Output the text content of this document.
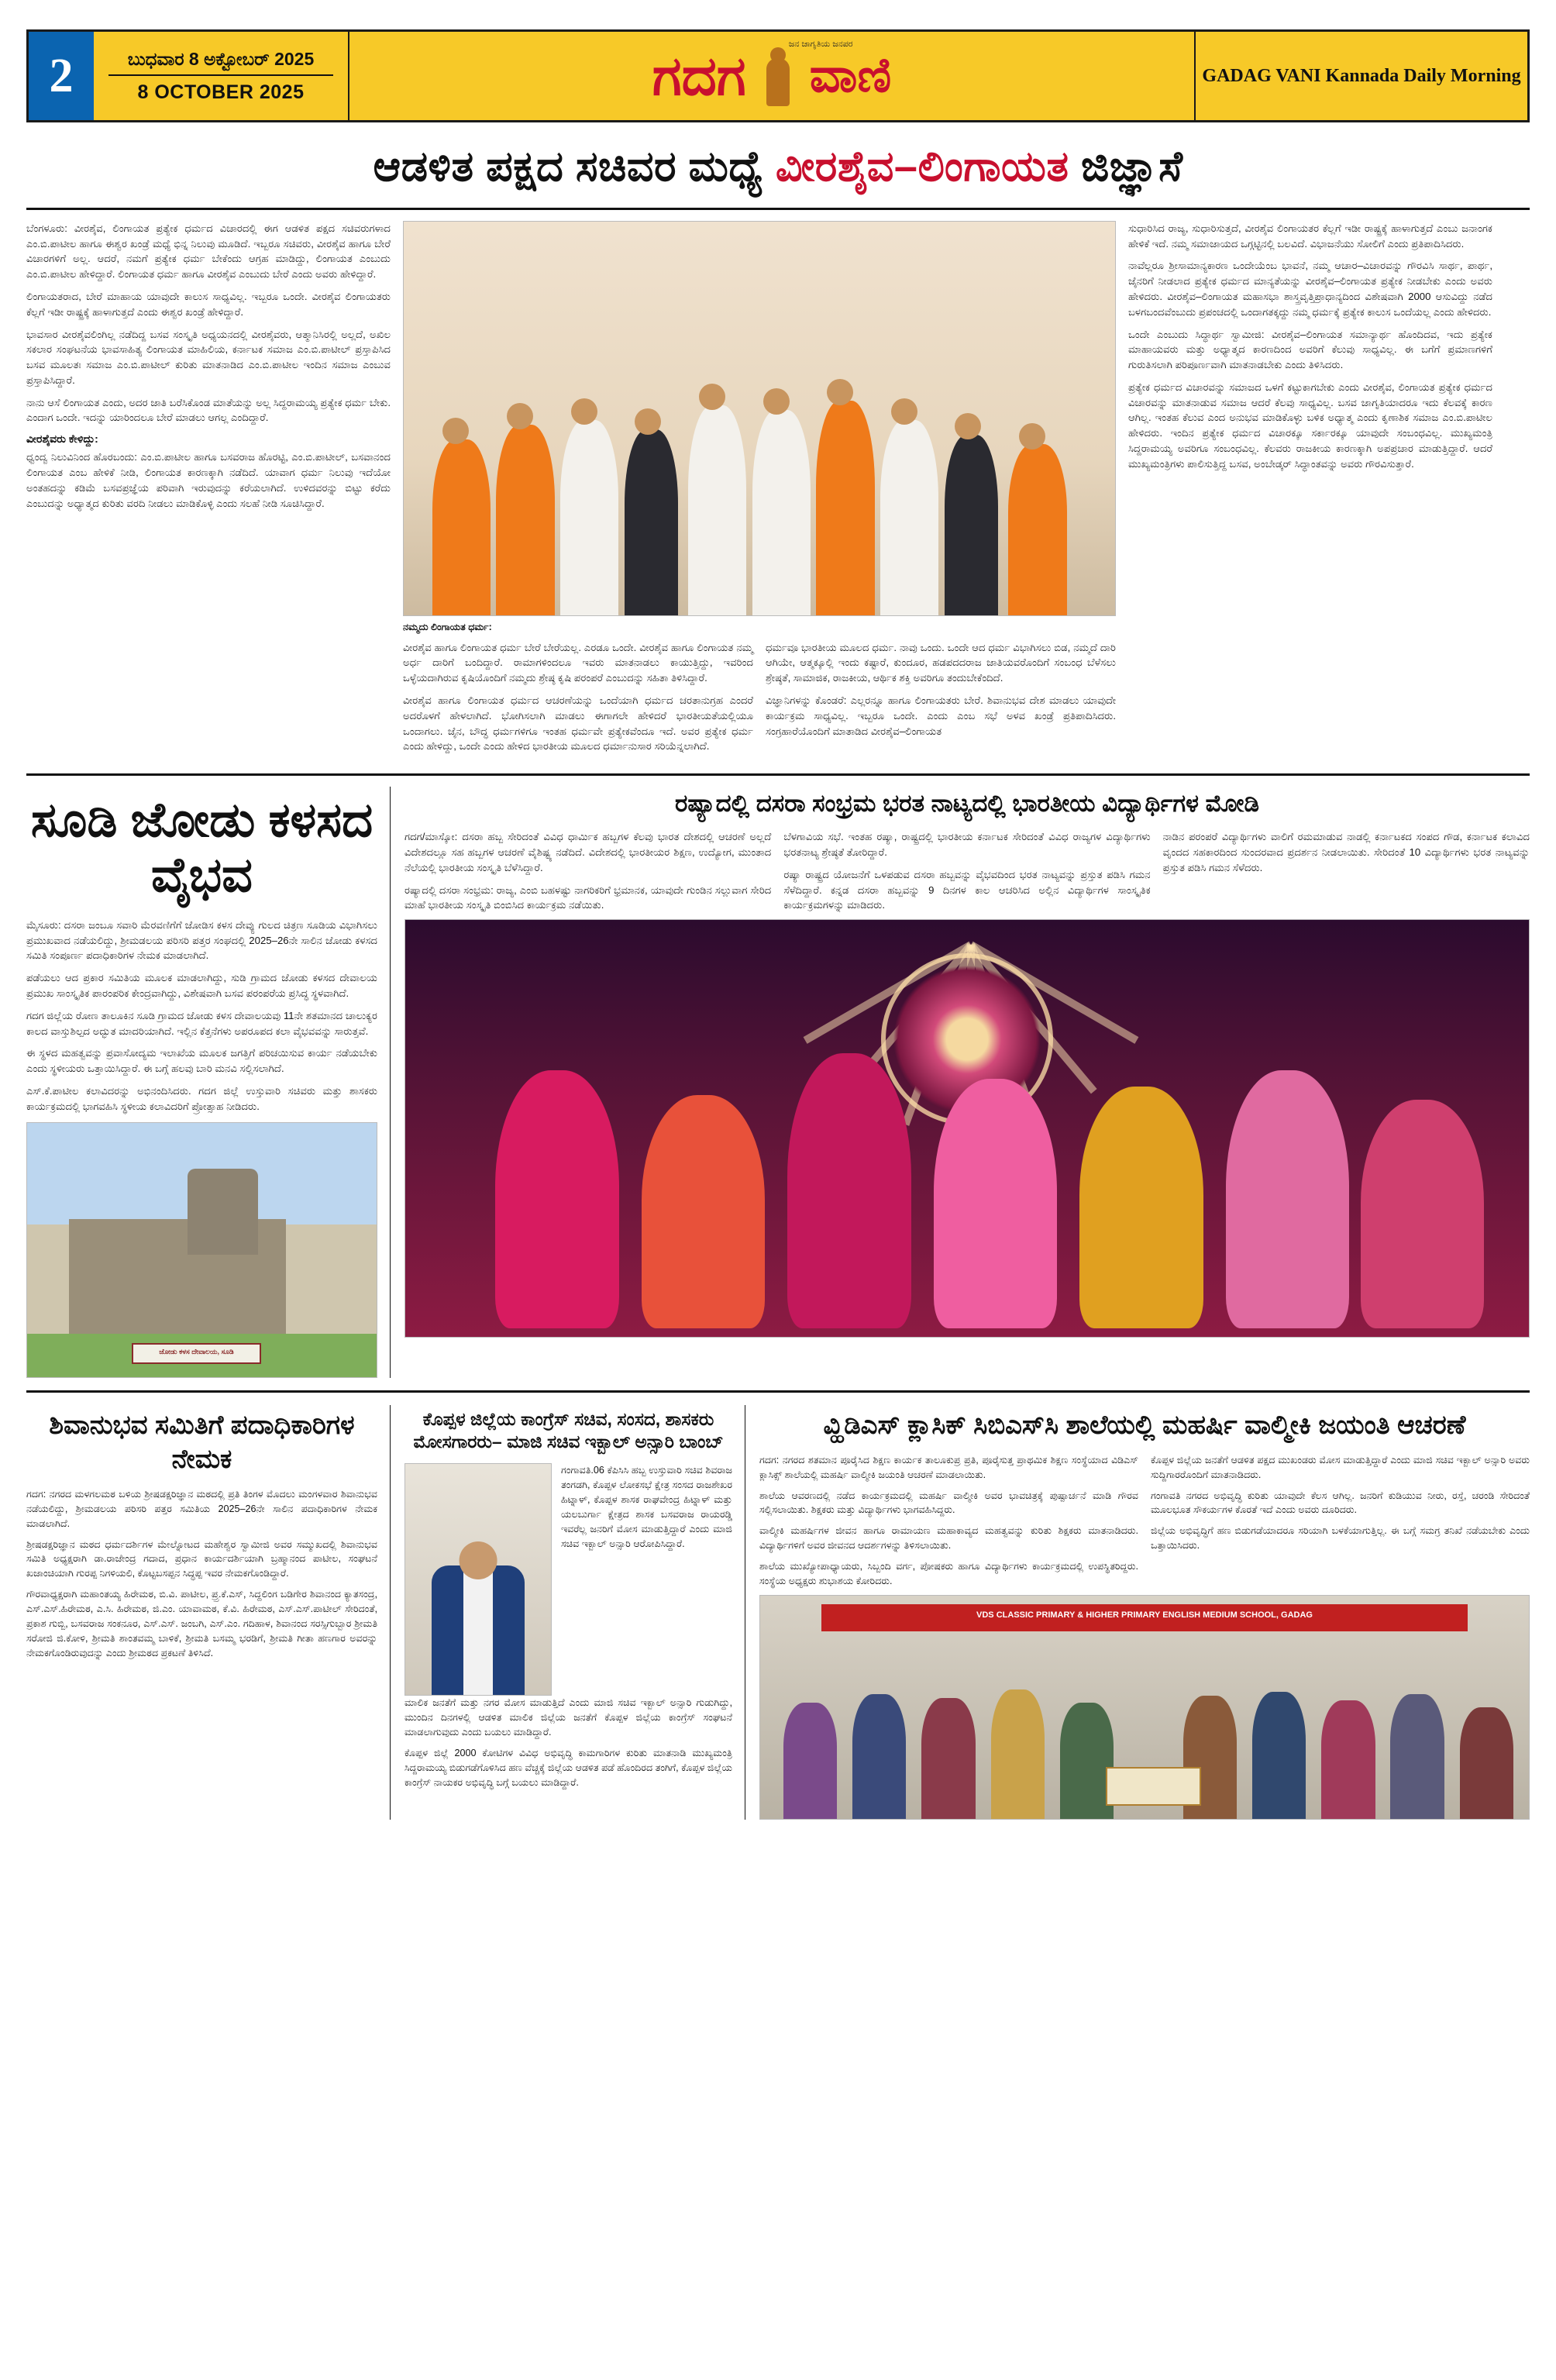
2	ಬುಧವಾರ 8 ಅಕ್ಟೋಬರ್ 2025
8 OCTOBER 2025	ಗದಗ
ಜನ ಜಾಗೃತಿಯ ಜನಪರ
ವಾಣಿ	GADAG VANI Kannada Daily Morning
ಆಡಳಿತ ಪಕ್ಷದ ಸಚಿವರ ಮಧ್ಯೆ ವೀರಶೈವ–ಲಿಂಗಾಯತ ಜಿಜ್ಞಾಸೆ

ಬೆಂಗಳೂರು: ವೀರಶೈವ, ಲಿಂಗಾಯತ ಪ್ರತ್ಯೇಕ ಧರ್ಮದ ವಿಚಾರದಲ್ಲಿ ಈಗ ಆಡಳಿತ ಪಕ್ಷದ ಸಚಿವರುಗಳಾದ ಎಂ.ಬಿ.ಪಾಟೀಲ ಹಾಗೂ ಈಶ್ವರ ಖಂಡ್ರೆ ಮಧ್ಯೆ ಭಿನ್ನ ನಿಲುವು ಮೂಡಿದೆ. ಇಬ್ಬರೂ ಸಚಿವರು, ವೀರಶೈವ ಹಾಗೂ ಬೇರೆ ವಿಚಾರಗಳಿಗೆ ಅಲ್ಲ. ಆದರೆ, ನಮಗೆ ಪ್ರತ್ಯೇಕ ಧರ್ಮ ಬೇಕೆಂದು ಆಗ್ರಹ ಮಾಡಿದ್ದು, ಲಿಂಗಾಯತ ಎಂಬುದು ಎಂ.ಬಿ.ಪಾಟೀಲ ಹೇಳಿದ್ದಾರೆ. ಲಿಂಗಾಯತ ಧರ್ಮ ಹಾಗೂ ವೀರಶೈವ ಎಂಬುದು ಬೇರೆ ಎಂದು ಅವರು ಹೇಳಿದ್ದಾರೆ.

ಲಿಂಗಾಯತರಾದ, ಬೇರೆ ಮಾಹಾಯ ಯಾವುದೇ ಕಾಲುಸ ಸಾಧ್ಯವಿಲ್ಲ. ಇಬ್ಬರೂ ಒಂದೇ. ವೀರಶೈವ ಲಿಂಗಾಯತರು ಕೆಲ್ಲಗೆ ಇಡೀ ರಾಷ್ಟ್ರಕ್ಕೆ ಹಾಳಾಗುತ್ತದೆ ಎಂದು ಈಶ್ವರ ಖಂಡ್ರೆ ಹೇಳಿದ್ದಾರೆ.

ಭಾವಸಾರ ವೀರಶೈವಲಿಂಗಿಲ್ಲ ನಡೆದಿದ್ದ ಬಸವ ಸಂಸ್ಕೃತಿ ಅಧ್ಯಯನದಲ್ಲಿ ವೀರಶೈವರು, ಆತ್ಮಾನಿಸಿರಲ್ಲಿ ಅಲ್ಲದೆ, ಅಖಿಲ ಸಕಲಾರ ಸಂಘಟನೆಯ ಭಾವಸಾಹಿತ್ಯ ಲಿಂಗಾಯತ ಮಾಹಿಲಿಯ, ಕರ್ನಾಟಕ ಸಮಾಜ ಎಂ.ಬಿ.ಪಾಟೀಲ್ ಪ್ರಸ್ತಾಪಿಸಿದ ಬಸವ ಮೂಲತಃ ಸಮಾಜ ಎಂ.ಬಿ.ಪಾಟೀಲ್ ಕುರಿತು ಮಾತನಾಡಿದ ಎಂ.ಬಿ.ಪಾಟೀಲ ಇಂದಿನ ಸಮಾಜ ಎಂಬುವ ಪ್ರಸ್ತಾಪಿಸಿದ್ದಾರೆ.

ನಾನು ಆಸೆ ಲಿಂಗಾಯತ ಎಂದು, ಅದರ ಜಾತಿ ಬರೆಸಿಕೊಂಡ ಮಾತೆಯನ್ನು ಅಲ್ಲ ಸಿದ್ದರಾಮಯ್ಯ ಪ್ರತ್ಯೇಕ ಧರ್ಮ ಬೇಕು. ಎಂದಾಗ ಒಂದೇ. ಇದನ್ನು ಯಾರಿಂದಲೂ ಬೇರೆ ಮಾಡಲು ಆಗಲ್ಲ ಎಂದಿದ್ದಾರೆ.

ವೀರಶೈವರು ಕೇಳಿದ್ದು:

ಧ್ವಂದ್ವ ನಿಲುವಿನಿಂದ ಹೊರಬಂದು: ಎಂ.ಬಿ.ಪಾಟೀಲ ಹಾಗೂ ಬಸವರಾಜ ಹೊರಟ್ಟಿ, ಎಂ.ಬಿ.ಪಾಟೀಲ್, ಬಸವಾನಂದ ಲಿಂಗಾಯತ ಎಂಬ ಹೇಳಿಕೆ ನೀಡಿ, ಲಿಂಗಾಯತ ಕಾರಣಕ್ಕಾಗಿ ನಡೆದಿದೆ. ಯಾವಾಗ ಧರ್ಮ ನಿಲುವು ಇದೆಯೋ ಅಂತಹದನ್ನು ಕಡಿಮೆ ಬಸವಪ್ರಜ್ಞೆಯ ಪರಿವಾಗಿ ಇರುವುದನ್ನು ಕರೆಯಲಾಗಿದೆ. ಉಳಿದವರನ್ನು ಬಿಟ್ಟು ಕರೆದು ಎಂಬುದನ್ನು ಅಧ್ಯಾತ್ಮದ ಕುರಿತು ವರದಿ ನೀಡಲು ಮಾಡಿಕೊಳ್ಳಿ ಎಂದು ಸಲಹೆ ನೀಡಿ ಸೂಚಿಸಿದ್ದಾರೆ.

ನಮ್ಮದು ಲಿಂಗಾಯತ ಧರ್ಮ:

ವೀರಶೈವ ಹಾಗೂ ಲಿಂಗಾಯತ ಧರ್ಮ ಬೇರೆ ಬೇರೆಯಲ್ಲ. ಎರಡೂ ಒಂದೇ. ವೀರಶೈವ ಹಾಗೂ ಲಿಂಗಾಯತ ನಮ್ಮ ಅರ್ಧ ದಾರಿಗೆ ಬಂದಿದ್ದಾರೆ. ರಾಮಾಗಳಿಂದಲೂ ಇವರು ಮಾತನಾಡಲು ಕಾಯುತ್ತಿದ್ದು, ಇವರಿಂದ ಒಳ್ಳೆಯದಾಗಿರುವ ಕೃಷಿಯೊಂದಿಗೆ ನಮ್ಮದು ಶ್ರೇಷ್ಠ ಕೃಷಿ ಪರಂಪರೆ ಎಂಬುದನ್ನು ಸಹಿತಾ ತಿಳಿಸಿದ್ದಾರೆ.

ವೀರಶೈವ ಹಾಗೂ ಲಿಂಗಾಯತ ಧರ್ಮದ ಆಚರಣೆಯನ್ನು ಒಂದೆಯಾಗಿ ಧರ್ಮದ ಚರತಾನುಗ್ರಹ ಎಂದರೆ ಅದರೊಳಗೆ ಹೇಳಲಾಗಿದೆ. ಭೋಗಿಸಲಾಗಿ ಮಾಡಲು ಈಗಾಗಲೇ ಹೇಳಿದರೆ ಭಾರತೀಯತೆಯಲ್ಲಿಯೂ ಒಂದಾಗಲು. ಜೈನ, ಬೌದ್ಧ ಧರ್ಮಗಳಿಗೂ ಇಂತಹ ಧರ್ಮವೇ ಪ್ರತ್ಯೇಕವೆಂದೂ ಇದೆ. ಅವರ ಪ್ರತ್ಯೇಕ ಧರ್ಮ ಎಂದು ಹೇಳಿದ್ದು, ಒಂದೇ ಎಂದು ಹೇಳಿದ ಭಾರತೀಯ ಮೂಲದ ಧರ್ಮಾನುಸಾರ ಸರಿಯೆನ್ನಲಾಗಿದೆ.

ಧರ್ಮವೂ ಭಾರತೀಯ ಮೂಲದ ಧರ್ಮ. ನಾವು ಒಂದು. ಒಂದೇ ಆದ ಧರ್ಮ ವಿಭಾಗಿಸಲು ಬಿಡ, ನಮ್ಮದೆ ದಾರಿ ಆಗಿಯೇ, ಆತ್ಮಕ್ಕೂಲ್ಲಿ ಇಂದು ಕಷ್ಟಾರೆ, ಕುಂದೂರ, ಹಡಪದದರಾಜ ಜಾತಿಯವರೊಂದಿಗೆ ಸಂಬಂಧ ಬೆಳೆಸಲು ಶ್ರೇಷ್ಠತೆ, ಸಾಮಾಜಿಕ, ರಾಜಕೀಯ, ಆರ್ಥಿಕ ಶಕ್ತಿ ಅವರಿಗೂ ತಂದುಬೇಕೆಂದಿದೆ.

ವಿಜ್ಞಾನಿಗಳನ್ನು ಕೊಂಡರೆ: ಎಲ್ಲರನ್ನೂ ಹಾಗೂ ಲಿಂಗಾಯತರು ಬೇರೆ. ಶಿವಾನುಭವ ದೇಶ ಮಾಡಲು ಯಾವುದೇ ಕಾರ್ಯಕ್ರಮ ಸಾಧ್ಯವಿಲ್ಲ. ಇಬ್ಬರೂ ಒಂದೇ. ಎಂದು ಎಂಬ ಸಭೆ ಅಳವ ಖಂಡ್ರೆ ಪ್ರತಿಪಾದಿಸಿದರು. ಸಂಗ್ರಹಾರೆಯೊಂದಿಗೆ ಮಾತಾಡಿದ ವೀರಶೈವ–ಲಿಂಗಾಯತ

ಸುಧಾರಿಸಿದ ರಾಜ್ಯ, ಸುಧಾರಿಸುತ್ತದೆ, ವೀರಶೈವ ಲಿಂಗಾಯತರ ಕೆಲ್ಲಗೆ ಇಡೀ ರಾಷ್ಟ್ರಕ್ಕೆ ಹಾಳಾಗುತ್ತದೆ ಎಂಬು ಜನಾಂಗಕ ಹೇಳಿಕೆ ಇದೆ. ನಮ್ಮ ಸಮಾಜಾಯದ ಒಗ್ಗಟ್ಟಿನಲ್ಲಿ ಬಲವಿದೆ. ವಿಭಾಜನೆಯು ಸೋಲಿಗೆ ಎಂದು ಪ್ರತಿಪಾದಿಸಿದರು.

ನಾವೆಲ್ಲರೂ ಶ್ರೀಸಾಮಾನ್ಯಕಾರಣ ಒಂದೇಯೆಂಬ ಭಾವನೆ, ನಮ್ಮ ಆಚಾರ–ವಿಚಾರವನ್ನು ಗೌರವಿಸಿ ಸಾರ್ಥ, ಪಾರ್ಥ, ಜೈನರಿಗೆ ನೀಡಲಾದ ಪ್ರತ್ಯೇಕ ಧರ್ಮದ ಮಾನ್ಯತೆಯನ್ನು ವೀರಶೈವ–ಲಿಂಗಾಯತ ಪ್ರತ್ಯೇಕ ನೀಡಬೇಕು ಎಂದು ಅವರು ಹೇಳಿದರು. ವೀರಶೈವ–ಲಿಂಗಾಯತ ಮಹಾಸಭಾ ಶಾಸ್ತ್ರವೃತ್ತಿಪ್ರಾಧಾನ್ಯದಿಂದ ವಿಶೇಷವಾಗಿ 2000 ಆಸುವಿದ್ದು ನಡೆದ ಬಳಗಬಂದವೆಂಬುದು ಪ್ರಪಂಚದಲ್ಲಿ ಒಂದಾಗತಕ್ಕದ್ದು ನಮ್ಮ ಧರ್ಮಕ್ಕೆ ಪ್ರತ್ಯೇಕ ಕಾಲುಸ ಒಂದೆಯಲ್ಲ ಎಂದು ಹೇಳಿದರು.

ಒಂದೇ ಎಂಬುದು ಸಿದ್ಧಾರ್ಥ ಸ್ವಾಮೀಜಿ: ವೀರಶೈವ–ಲಿಂಗಾಯತ ಸಮಾನ್ಯಾರ್ಥ ಹೊಂದಿದವ, ಇದು ಪ್ರತ್ಯೇಕ ಮಾಹಾಯವರು ಮತ್ತು ಅಧ್ಯಾತ್ಮದ ಕಾರಣದಿಂದ ಅವರಿಗೆ ಕೆಲುವು ಸಾಧ್ಯವಿಲ್ಲ. ಈ ಬಗೆಗೆ ಪ್ರಮಾಣಗಳಿಗೆ ಗುರುತಿಸಲಾಗಿ ಪರಿಪೂರ್ಣವಾಗಿ ಮಾತನಾಡಬೇಕು ಎಂದು ತಿಳಿಸಿದರು.

ಪ್ರತ್ಯೇಕ ಧರ್ಮದ ವಿಚಾರವನ್ನು ಸಮಾಜದ ಒಳಗೆ ಕಟ್ಟುಕಾಗಬೇಕು ಎಂದು ವೀರಶೈವ, ಲಿಂಗಾಯತ ಪ್ರತ್ಯೇಕ ಧರ್ಮದ ವಿಚಾರವನ್ನು ಮಾತನಾಡುವ ಸಮಾಜ ಆದರೆ ಕೆಲವು ಸಾಧ್ಯವಿಲ್ಲ. ಬಸವ ಜಾಗೃತಿಯಾದರೂ ಇದು ಕೆಲವಕ್ಕೆ ಕಾರಣ ಆಗಿಲ್ಲ. ಇಂತಹ ಕೆಲುವ ಎಂದ ಅನುಭವ ಮಾಡಿಕೊಳ್ಳು ಬಳಿಕ ಅಧ್ಯಾತ್ಮ ಎಂದು ಕೃಣಾಶಿಕ ಸಮಾಜ ಎಂ.ಬಿ.ಪಾಟೀಲ ಹೇಳಿದರು. ಇಂದಿನ ಪ್ರತ್ಯೇಕ ಧರ್ಮದ ವಿಚಾರಕ್ಕೂ ಸರ್ಕಾರಕ್ಕೂ ಯಾವುದೇ ಸಂಬಂಧವಿಲ್ಲ. ಮುಖ್ಯಮಂತ್ರಿ ಸಿದ್ದರಾಮಯ್ಯ ಅವರಿಗೂ ಸಂಬಂಧವಿಲ್ಲ. ಕೆಲವರು ರಾಜಕೀಯ ಕಾರಣಕ್ಕಾಗಿ ಅಪಪ್ರಚಾರ ಮಾಡುತ್ತಿದ್ದಾರೆ. ಆದರೆ ಮುಖ್ಯಮಂತ್ರಿಗಳು ಪಾಲಿಸುತ್ತಿದ್ದ ಬಸವ, ಅಂಬೇಡ್ಕರ್ ಸಿದ್ಧಾಂತವನ್ನು ಅವರು ಗೌರವಿಸುತ್ತಾರೆ.

ಸೂಡಿ ಜೋಡು ಕಳಸದ ವೈಭವ

ಮೈಸೂರು: ದಸರಾ ಜಂಬೂ ಸವಾರಿ ಮೆರವಣಿಗೆಗೆ ಜೋಡಿಸ ಕಳಸ ದೇವ್ಯು ಗುಲದ ಚಿತ್ರಣ ಸೂಡಿಯ ವಿಭಾಗಿಸಲು ಪ್ರಮುಖವಾದ ನಡೆಯಲಿದ್ದು, ಶ್ರೀಮಡಲಯ ಪರಿಸರಿ ಪತ್ತರ ಸಂಘದಲ್ಲಿ 2025–26ನೇ ಸಾಲಿನ ಜೋಡು ಕಳಸದ ಸಮಿತಿ ಸಂಪೂರ್ಣ ಪದಾಧಿಕಾರಿಗಳ ನೇಮಕ ಮಾಡಲಾಗಿದೆ.

ಪಡೆಯಲು ಆದ ಪ್ರಕಾರ ಸಮಿತಿಯ ಮೂಲಕ ಮಾಡಲಾಗಿದ್ದು, ಸುಡಿ ಗ್ರಾಮದ ಜೋಡು ಕಳಸದ ದೇವಾಲಯ ಪ್ರಮುಖ ಸಾಂಸ್ಕೃತಿಕ ಪಾರಂಪರಿಕ ಕೇಂದ್ರವಾಗಿದ್ದು, ವಿಶೇಷವಾಗಿ ಬಸವ ಪರಂಪರೆಯ ಪ್ರಸಿದ್ಧ ಸ್ಥಳವಾಗಿದೆ.

ಗದಗ ಜಿಲ್ಲೆಯ ರೋಣ ತಾಲೂಕಿನ ಸೂಡಿ ಗ್ರಾಮದ ಜೋಡು ಕಳಸ ದೇವಾಲಯವು 11ನೇ ಶತಮಾನದ ಚಾಲುಕ್ಯರ ಕಾಲದ ವಾಸ್ತುಶಿಲ್ಪದ ಅದ್ಭುತ ಮಾದರಿಯಾಗಿದೆ. ಇಲ್ಲಿನ ಕೆತ್ತನೆಗಳು ಅಪರೂಪದ ಕಲಾ ವೈಭವವನ್ನು ಸಾರುತ್ತವೆ.

ಈ ಸ್ಥಳದ ಮಹತ್ವವನ್ನು ಪ್ರವಾಸೋದ್ಯಮ ಇಲಾಖೆಯ ಮೂಲಕ ಜಗತ್ತಿಗೆ ಪರಿಚಯಿಸುವ ಕಾರ್ಯ ನಡೆಯಬೇಕು ಎಂದು ಸ್ಥಳೀಯರು ಒತ್ತಾಯಿಸಿದ್ದಾರೆ. ಈ ಬಗ್ಗೆ ಹಲವು ಬಾರಿ ಮನವಿ ಸಲ್ಲಿಸಲಾಗಿದೆ.

ಎಸ್.ಕೆ.ಪಾಟೀಲ ಕಲಾವಿದರನ್ನು ಅಭಿನಂದಿಸಿದರು. ಗದಗ ಜಿಲ್ಲೆ ಉಸ್ತುವಾರಿ ಸಚಿವರು ಮತ್ತು ಶಾಸಕರು ಕಾರ್ಯಕ್ರಮದಲ್ಲಿ ಭಾಗವಹಿಸಿ ಸ್ಥಳೀಯ ಕಲಾವಿದರಿಗೆ ಪ್ರೋತ್ಸಾಹ ನೀಡಿದರು.

ಜೋಡು ಕಳಸ ದೇವಾಲಯ, ಸೂಡಿ
ರಷ್ಯಾದಲ್ಲಿ ದಸರಾ ಸಂಭ್ರಮ ಭರತ ನಾಟ್ಯದಲ್ಲಿ ಭಾರತೀಯ ವಿದ್ಯಾರ್ಥಿಗಳ ಮೋಡಿ

ಗದಗ/ಮಾಸ್ಕೋ: ದಸರಾ ಹಬ್ಬ ಸೇರಿದಂತೆ ವಿವಿಧ ಧಾರ್ಮಿಕ ಹಬ್ಬಗಳ ಕೆಲವು ಭಾರತ ದೇಶದಲ್ಲಿ ಆಚರಣೆ ಅಲ್ಲದೆ ವಿದೇಶದಲ್ಲೂ ಸಹ ಹಬ್ಬಗಳ ಆಚರಣೆ ವೈಶಿಷ್ಟ್ಯ ನಡೆದಿದೆ. ವಿದೇಶದಲ್ಲಿ ಭಾರತೀಯರ ಶಿಕ್ಷಣ, ಉದ್ಯೋಗ, ಮುಂತಾದ ನೆಲೆಯಲ್ಲಿ ಭಾರತೀಯ ಸಂಸ್ಕೃತಿ ಬೆಳೆಸಿದ್ದಾರೆ.

ರಷ್ಯಾದಲ್ಲಿ ದಸರಾ ಸಂಭ್ರಮ: ರಾಜ್ಯ, ಎಂಬಿ ಬಹಳಷ್ಟು ನಾಗರಿಕರಿಗೆ ಭ್ರಮಾನಕ, ಯಾವುದೇ ಗುಂಡಿನ ಸಲ್ಲುವಾಗ ಸೇರಿದ ಮಾಹೆ ಭಾರತೀಯ ಸಂಸ್ಕೃತಿ ಬಿಂಬಿಸಿದ ಕಾರ್ಯಕ್ರಮ ನಡೆಯಿತು.

ಬೆಳಗಾವಿಯ ಸಭೆ. ಇಂತಹ ರಷ್ಯಾ, ರಾಷ್ಟ್ರದಲ್ಲಿ ಭಾರತೀಯ ಕರ್ನಾಟಕ ಸೇರಿದಂತೆ ವಿವಿಧ ರಾಜ್ಯಗಳ ವಿದ್ಯಾರ್ಥಿಗಳು ಭರತನಾಟ್ಯ ಶ್ರೇಷ್ಠತೆ ತೋರಿದ್ದಾರೆ.

ರಷ್ಯಾ ರಾಷ್ಟ್ರದ ಯೋಜನೆಗೆ ಒಳಪಡುವ ದಸರಾ ಹಬ್ಬವನ್ನು ವೈಭವದಿಂದ ಭರತ ನಾಟ್ಯವನ್ನು ಪ್ರಸ್ತುತ ಪಡಿಸಿ ಗಮನ ಸೆಳೆದಿದ್ದಾರೆ. ಕನ್ನಡ ದಸರಾ ಹಬ್ಬವನ್ನು 9 ದಿನಗಳ ಕಾಲ ಆಚರಿಸಿದ ಅಲ್ಲಿನ ವಿದ್ಯಾರ್ಥಿಗಳ ಸಾಂಸ್ಕೃತಿಕ ಕಾರ್ಯಕ್ರಮಗಳನ್ನು ಮಾಡಿದರು.

ನಾಡಿನ ಪರಂಪರೆ ವಿದ್ಯಾರ್ಥಿಗಳು ವಾಲಿಗೆ ರಮಮಾಡುವ ನಾಡಲ್ಲಿ ಕರ್ನಾಟಕದ ಸಂಪದ ಗೌಡ, ಕರ್ನಾಟಕ ಕಲಾವಿದ ವೃಂದದ ಸಹಕಾರದಿಂದ ಸುಂದರವಾದ ಪ್ರದರ್ಶನ ನೀಡಲಾಯಿತು. ಸೇರಿದಂತೆ 10 ವಿದ್ಯಾರ್ಥಿಗಳು ಭರತ ನಾಟ್ಯವನ್ನು ಪ್ರಸ್ತುತ ಪಡಿಸಿ ಗಮನ ಸೆಳೆದರು.

ಶಿವಾನುಭವ ಸಮಿತಿಗೆ ಪದಾಧಿಕಾರಿಗಳ ನೇಮಕ

ಗದಗ: ನಗರದ ಮಳಗಲಮಠ ಬಳಿಯ ಶ್ರೀಷಡಕ್ಷರಿಜ್ಞಾನ ಮಠದಲ್ಲಿ ಪ್ರತಿ ತಿಂಗಳ ಮೊದಲು ಮಂಗಳವಾರ ಶಿವಾನುಭವ ನಡೆಯಲಿದ್ದು, ಶ್ರೀಮಡಲಯ ಪರಿಸರಿ ಪತ್ತರ ಸಮಿತಿಯ 2025–26ನೇ ಸಾಲಿನ ಪದಾಧಿಕಾರಿಗಳ ನೇಮಕ ಮಾಡಲಾಗಿದೆ.

ಶ್ರೀಷಡಕ್ಷರಿಜ್ಞಾನ ಮಠದ ಧರ್ಮದರ್ಶಿಗಳ ಮೇಲ್ನೋಟದ ಮಹೇಶ್ವರ ಸ್ವಾಮೀಜಿ ಅವರ ಸಮ್ಮುಖದಲ್ಲಿ ಶಿವಾನುಭವ ಸಮಿತಿ ಅಧ್ಯಕ್ಷರಾಗಿ ಡಾ.ರಾಜೇಂದ್ರ ಗದಾದ, ಪ್ರಧಾನ ಕಾರ್ಯದರ್ಶಿಯಾಗಿ ಬ್ರಹ್ಮಾನಂದ ಪಾಟೀಲ, ಸಂಘಟನೆ ಖಜಾಂಚಿಯಾಗಿ ಗುರಪ್ಪ ನಿಗಳಿಯಲಿ, ಕೊಟ್ಟಬಸಪ್ಪನ ಸಿದ್ಧಪ್ಪ ಇವರ ನೇಮಕಗೊಂಡಿದ್ದಾರೆ.

ಗೌರವಾಧ್ಯಕ್ಷರಾಗಿ ಮಹಾಂತಯ್ಯ ಹಿರೇಮಠ, ಬಿ.ವಿ. ಪಾಟೀಲ, ಪ್ರ್ರ.ಕೆ.ಎಸ್, ಸಿದ್ದಲಿಂಗ ಬಡಿಗೇರ ಶಿವಾನಂದ ಕ್ಯಾತಸಂದ್ರ, ಎಸ್.ಎಸ್.ಹಿರೇಮಠ, ಎ.ಸಿ. ಹಿರೇಮಠ, ಜಿ.ಎಂ. ಯಾವಾಮಠ, ಕೆ.ವಿ. ಹಿರೇಮಠ, ಎಸ್.ಎಸ್.ಪಾಟೀಲ್ ಸೇರಿದಂತೆ, ಪ್ರಕಾಶ ಗುಬ್ಬಿ, ಬಸವರಾಜ ಸಂಕನೂರ, ಎಸ್.ಎಸ್. ಜಂಬಗಿ, ಎಸ್.ಎಂ. ಗದಿಹಾಳ, ಶಿವಾನಂದ ಸರಸ್ಸಿಗುಬ್ಬಾರ ಶ್ರೀಮತಿ ಸರೋಜಿ ಜಿ.ಕೋಳಿ, ಶ್ರೀಮತಿ ಶಾಂತವಮ್ಮ ಬಾಳಿಕೆ, ಶ್ರೀಮತಿ ಬಸಮ್ಮ ಭರಡಿಗೆ, ಶ್ರೀಮತಿ ಗೀತಾ ಹಣಗಾರ ಅವರನ್ನು ನೇಮಕಗೊಂಡಿರುವುದನ್ನು ಎಂದು ಶ್ರೀಮಠದ ಪ್ರಕಟಣೆ ತಿಳಿಸಿದೆ.

ಕೊಪ್ಪಳ ಜಿಲ್ಲೆಯ ಕಾಂಗ್ರೆಸ್ ಸಚಿವ, ಸಂಸದ, ಶಾಸಕರು ಮೋಸಗಾರರು– ಮಾಜಿ ಸಚಿವ ಇಕ್ಬಾಲ್ ಅನ್ಸಾರಿ ಬಾಂಬ್

ಗಂಗಾವತಿ.06 ಕೆಪಿಸಿಸಿ ಹಬ್ಬ ಉಸ್ತುವಾರಿ ಸಚಿವ ಶಿವರಾಜ ತಂಗಡಗಿ, ಕೊಪ್ಪಳ ಲೋಕಸಭೆ ಕ್ಷೇತ್ರ ಸಂಸದ ರಾಜಶೇಖರ ಹಿಟ್ನಾಳ್, ಕೊಪ್ಪಳ ಶಾಸಕ ರಾಘವೇಂದ್ರ ಹಿಟ್ನಾಳ್ ಮತ್ತು ಯಲಬುರ್ಗಾ ಕ್ಷೇತ್ರದ ಶಾಸಕ ಬಸವರಾಜ ರಾಯರಡ್ಡಿ ಇವರೆಲ್ಲ ಜನರಿಗೆ ಮೋಸ ಮಾಡುತ್ತಿದ್ದಾರೆ ಎಂದು ಮಾಜಿ ಸಚಿವ ಇಕ್ಬಾಲ್ ಅನ್ಸಾರಿ ಆರೋಪಿಸಿದ್ದಾರೆ.

ಮಾಲಿಕ ಜನತೆಗೆ ಮತ್ತು ನಗರ ಮೋಸ ಮಾಡುತ್ತಿದೆ ಎಂದು ಮಾಜಿ ಸಚಿವ ಇಕ್ಬಾಲ್ ಅನ್ಸಾರಿ ಗುಡುಗಿದ್ದು, ಮುಂದಿನ ದಿನಗಳಲ್ಲಿ ಆಡಳಿತ ಮಾಲಿಕ ಜಿಲ್ಲೆಯ ಜನತೆಗೆ ಕೊಪ್ಪಳ ಜಿಲ್ಲೆಯ ಕಾಂಗ್ರೆಸ್ ಸಂಘಟನೆ ಮಾಡಲಾಗುವುದು ಎಂದು ಬಯಲು ಮಾಡಿದ್ದಾರೆ.

ಕೊಪ್ಪಳ ಜಿಲ್ಲೆ 2000 ಕೋಟಿಗಳ ವಿವಿಧ ಅಭಿವೃದ್ಧಿ ಕಾಮಗಾರಿಗಳ ಕುರಿತು ಮಾತನಾಡಿ ಮುಖ್ಯಮಂತ್ರಿ ಸಿದ್ದರಾಮಯ್ಯ ಬಿಡುಗಡೆಗೊಳಿಸಿದ ಹಣ ವೆಚ್ಚಕ್ಕೆ ಜಿಲ್ಲೆಯ ಆಡಳಿತ ಪಡೆ ಹೊಂದಿರದ ತಂಗಿಗೆ, ಕೊಪ್ಪಳ ಜಿಲ್ಲೆಯ ಕಾಂಗ್ರೆಸ್ ನಾಯಕರ ಅಭಿವೃದ್ಧಿ ಬಗ್ಗೆ ಬಯಲು ಮಾಡಿದ್ದಾರೆ.

ವ್ಹಿಡಿಎಸ್ ಕ್ಲಾಸಿಕ್ ಸಿಬಿಎಸ್‌ಸಿ ಶಾಲೆಯಲ್ಲಿ ಮಹರ್ಷಿ ವಾಲ್ಮೀಕಿ ಜಯಂತಿ ಆಚರಣೆ

ಗದಗ: ನಗರದ ಶತಮಾನ ಪೂರೈಸಿದ ಶಿಕ್ಷಣ ಕಾರ್ಯಕ ತಾಲೂಕುಪ್ರ ಪ್ರತಿ, ಪೂರೈಸುತ್ತ ಪ್ರಾಥಮಿಕ ಶಿಕ್ಷಣ ಸಂಸ್ಥೆಯಾದ ವಿಡಿಎಸ್ ಕ್ಲಾಸಿಕ್ಸ್ ಶಾಲೆಯಲ್ಲಿ ಮಹರ್ಷಿ ವಾಲ್ಮೀಕಿ ಜಯಂತಿ ಆಚರಣೆ ಮಾಡಲಾಯಿತು.

ಶಾಲೆಯ ಆವರಣದಲ್ಲಿ ನಡೆದ ಕಾರ್ಯಕ್ರಮದಲ್ಲಿ ಮಹರ್ಷಿ ವಾಲ್ಮೀಕಿ ಅವರ ಭಾವಚಿತ್ರಕ್ಕೆ ಪುಷ್ಪಾರ್ಚನೆ ಮಾಡಿ ಗೌರವ ಸಲ್ಲಿಸಲಾಯಿತು. ಶಿಕ್ಷಕರು ಮತ್ತು ವಿದ್ಯಾರ್ಥಿಗಳು ಭಾಗವಹಿಸಿದ್ದರು.

ವಾಲ್ಮೀಕಿ ಮಹರ್ಷಿಗಳ ಜೀವನ ಹಾಗೂ ರಾಮಾಯಣ ಮಹಾಕಾವ್ಯದ ಮಹತ್ವವನ್ನು ಕುರಿತು ಶಿಕ್ಷಕರು ಮಾತನಾಡಿದರು. ವಿದ್ಯಾರ್ಥಿಗಳಿಗೆ ಅವರ ಜೀವನದ ಆದರ್ಶಗಳನ್ನು ತಿಳಿಸಲಾಯಿತು.

ಶಾಲೆಯ ಮುಖ್ಯೋಪಾಧ್ಯಾಯರು, ಸಿಬ್ಬಂದಿ ವರ್ಗ, ಪೋಷಕರು ಹಾಗೂ ವಿದ್ಯಾರ್ಥಿಗಳು ಕಾರ್ಯಕ್ರಮದಲ್ಲಿ ಉಪಸ್ಥಿತರಿದ್ದರು. ಸಂಸ್ಥೆಯ ಅಧ್ಯಕ್ಷರು ಶುಭಾಶಯ ಕೋರಿದರು.

ಕೊಪ್ಪಳ ಜಿಲ್ಲೆಯ ಜನತೆಗೆ ಆಡಳಿತ ಪಕ್ಷದ ಮುಖಂಡರು ಮೋಸ ಮಾಡುತ್ತಿದ್ದಾರೆ ಎಂದು ಮಾಜಿ ಸಚಿವ ಇಕ್ಬಾಲ್ ಅನ್ಸಾರಿ ಅವರು ಸುದ್ದಿಗಾರರೊಂದಿಗೆ ಮಾತನಾಡಿದರು.

ಗಂಗಾವತಿ ನಗರದ ಅಭಿವೃದ್ಧಿ ಕುರಿತು ಯಾವುದೇ ಕೆಲಸ ಆಗಿಲ್ಲ. ಜನರಿಗೆ ಕುಡಿಯುವ ನೀರು, ರಸ್ತೆ, ಚರಂಡಿ ಸೇರಿದಂತೆ ಮೂಲಭೂತ ಸೌಕರ್ಯಗಳ ಕೊರತೆ ಇದೆ ಎಂದು ಅವರು ದೂರಿದರು.

ಜಿಲ್ಲೆಯ ಅಭಿವೃದ್ಧಿಗೆ ಹಣ ಬಿಡುಗಡೆಯಾದರೂ ಸರಿಯಾಗಿ ಬಳಕೆಯಾಗುತ್ತಿಲ್ಲ. ಈ ಬಗ್ಗೆ ಸಮಗ್ರ ತನಿಖೆ ನಡೆಯಬೇಕು ಎಂದು ಒತ್ತಾಯಿಸಿದರು.

VDS CLASSIC PRIMARY & HIGHER PRIMARY ENGLISH MEDIUM SCHOOL, GADAG
